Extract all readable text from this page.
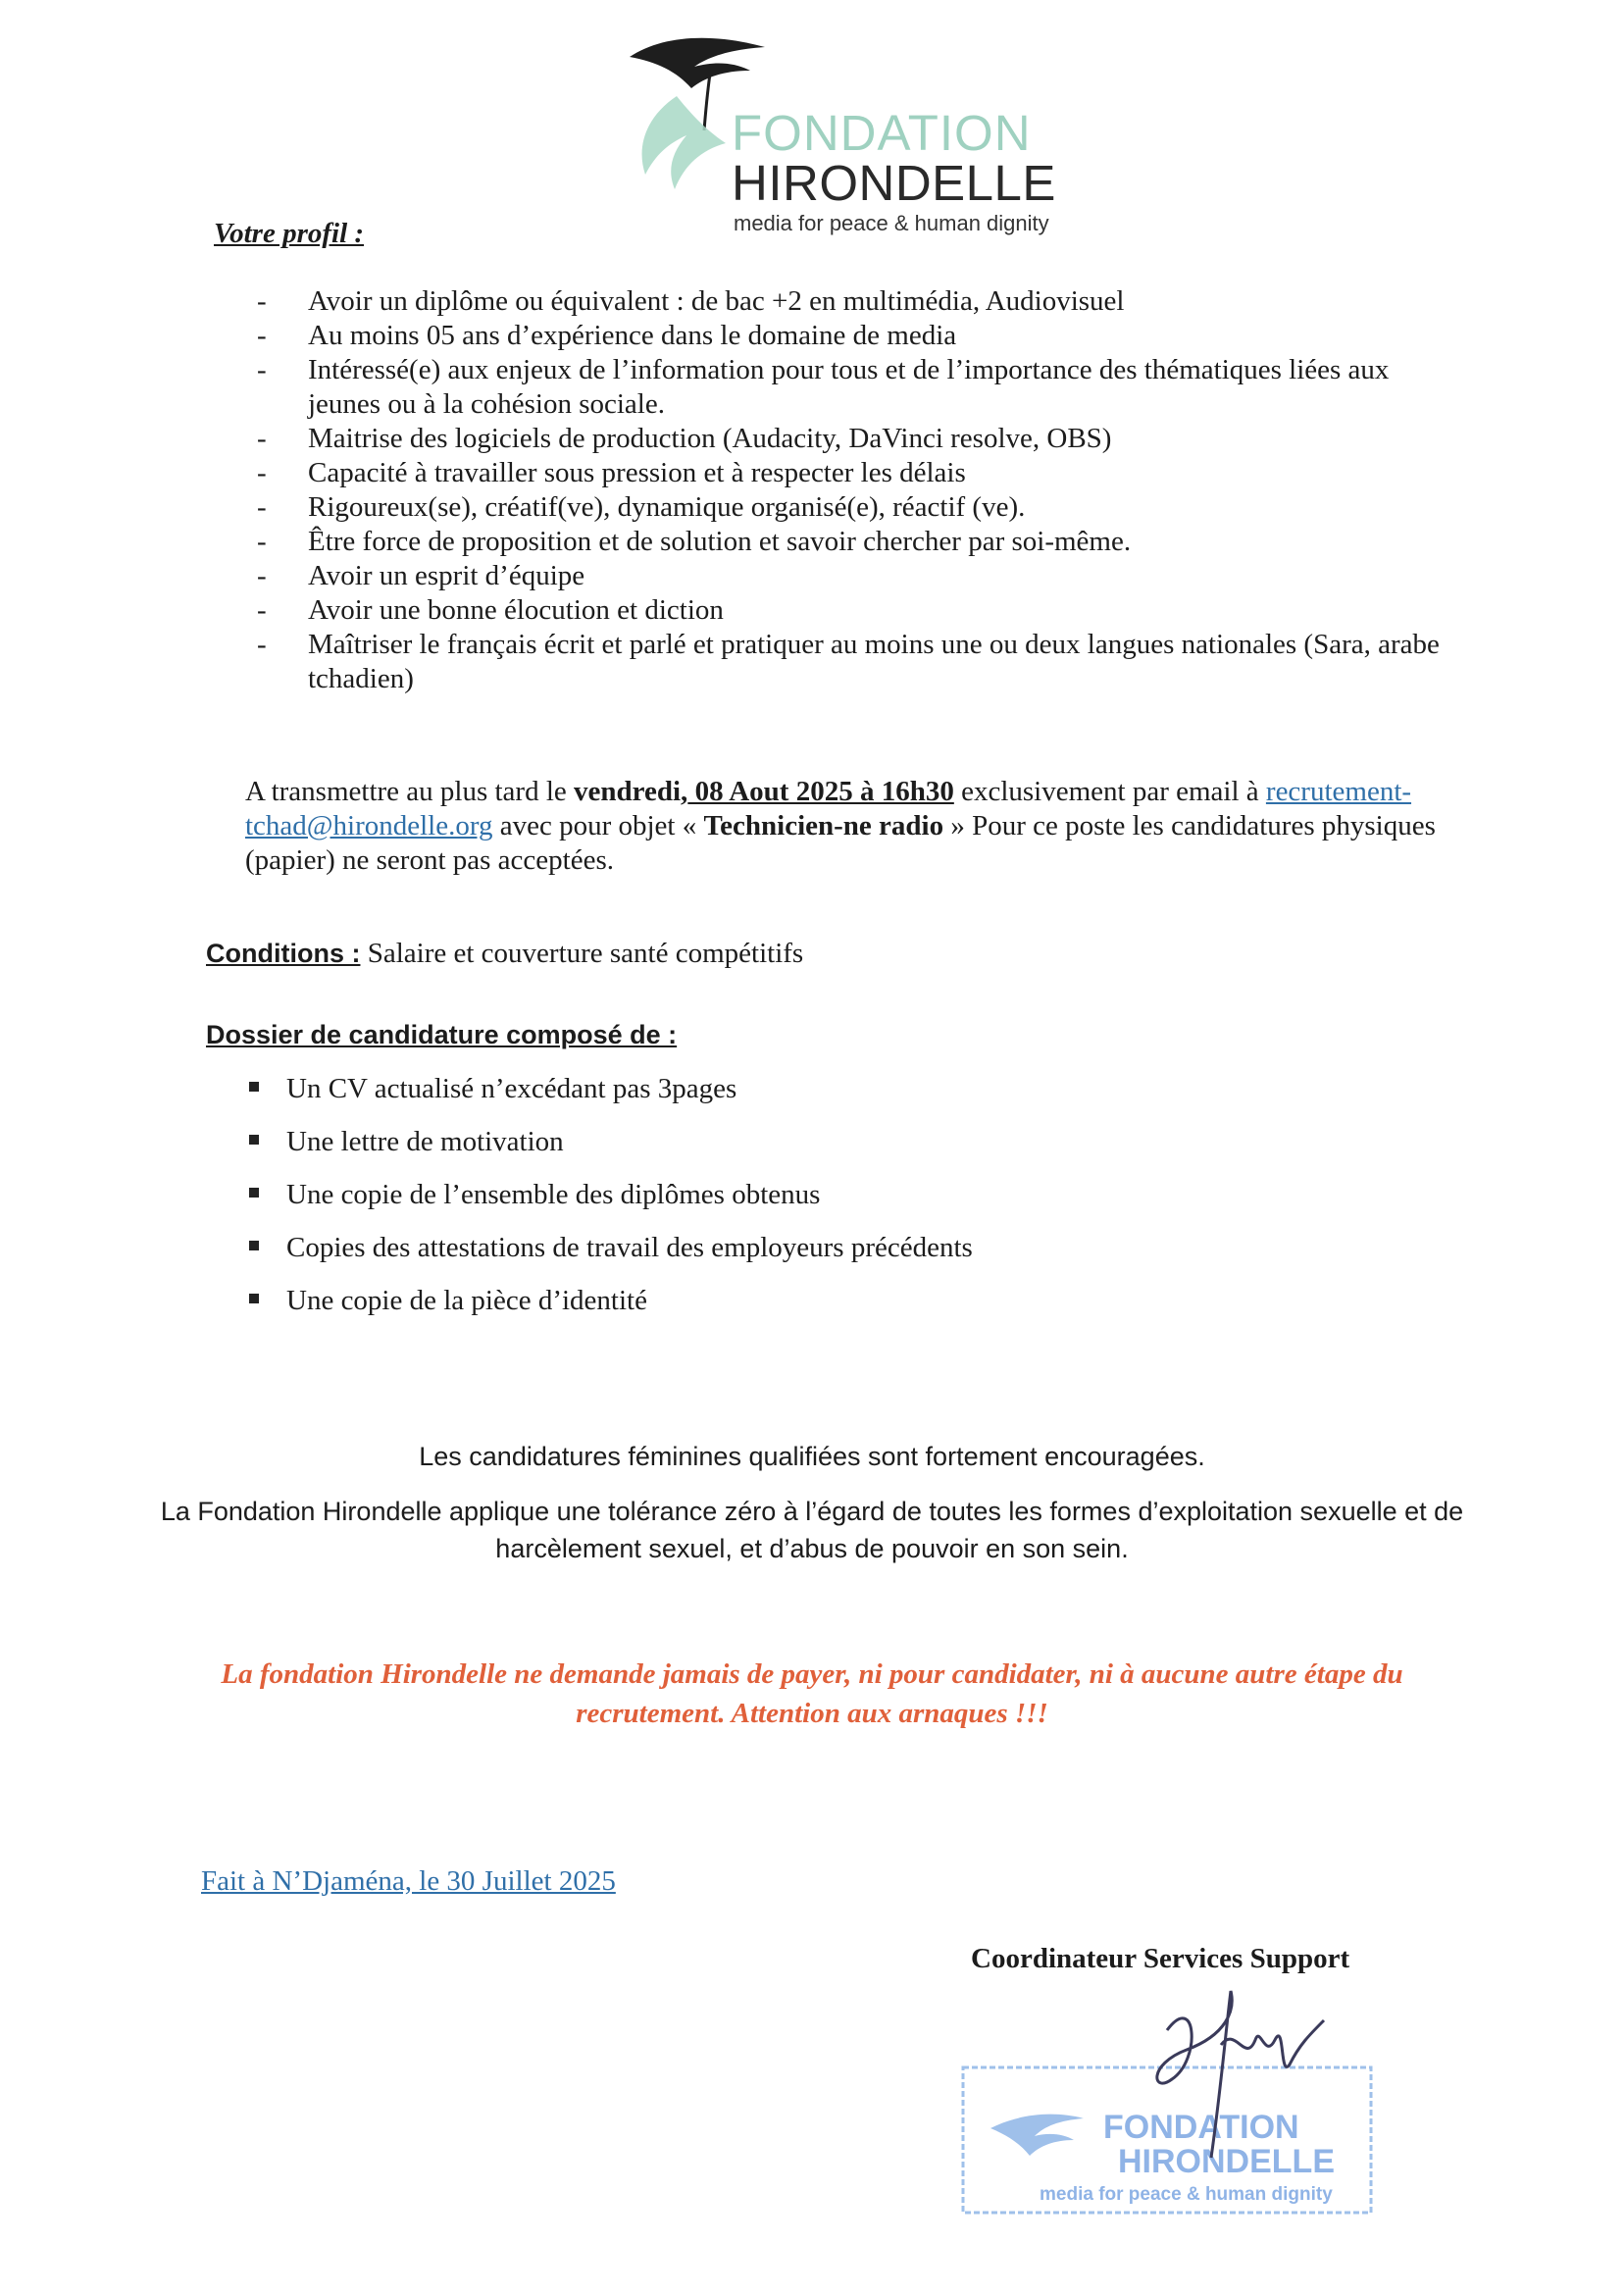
FONDATION
HIRONDELLE
media for peace & human dignity
Votre profil :
- Avoir un diplôme ou équivalent : de bac +2 en multimédia, Audiovisuel
- Au moins 05 ans d’expérience dans le domaine de media
- Intéressé(e) aux enjeux de l’information pour tous et de l’importance des thématiques liées aux jeunes ou à la cohésion sociale.
- Maitrise des logiciels de production (Audacity, DaVinci resolve, OBS)
- Capacité à travailler sous pression et à respecter les délais
- Rigoureux(se), créatif(ve), dynamique organisé(e), réactif (ve).
- Être force de proposition et de solution et savoir chercher par soi-même.
- Avoir un esprit d’équipe
- Avoir une bonne élocution et diction
- Maîtriser le français écrit et parlé et pratiquer au moins une ou deux langues nationales (Sara, arabe tchadien)
A transmettre au plus tard le vendredi, 08 Aout 2025 à 16h30 exclusivement par email à recrutement-tchad@hirondelle.org avec pour objet « Technicien-ne radio » Pour ce poste les candidatures physiques (papier) ne seront pas acceptées.
Conditions : Salaire et couverture santé compétitifs
Dossier de candidature composé de :
Un CV actualisé n’excédant pas 3pages
Une lettre de motivation
Une copie de l’ensemble des diplômes obtenus
Copies des attestations de travail des employeurs précédents
Une copie de la pièce d’identité
Les candidatures féminines qualifiées sont fortement encouragées.
La Fondation Hirondelle applique une tolérance zéro à l’égard de toutes les formes d’exploitation sexuelle et de harcèlement sexuel, et d’abus de pouvoir en son sein.
La fondation Hirondelle ne demande jamais de payer, ni pour candidater, ni à aucune autre étape du recrutement. Attention aux arnaques !!!
Fait à N’Djaména, le 30 Juillet 2025
Coordinateur Services Support
FONDATION
HIRONDELLE
media for peace & human dignity
